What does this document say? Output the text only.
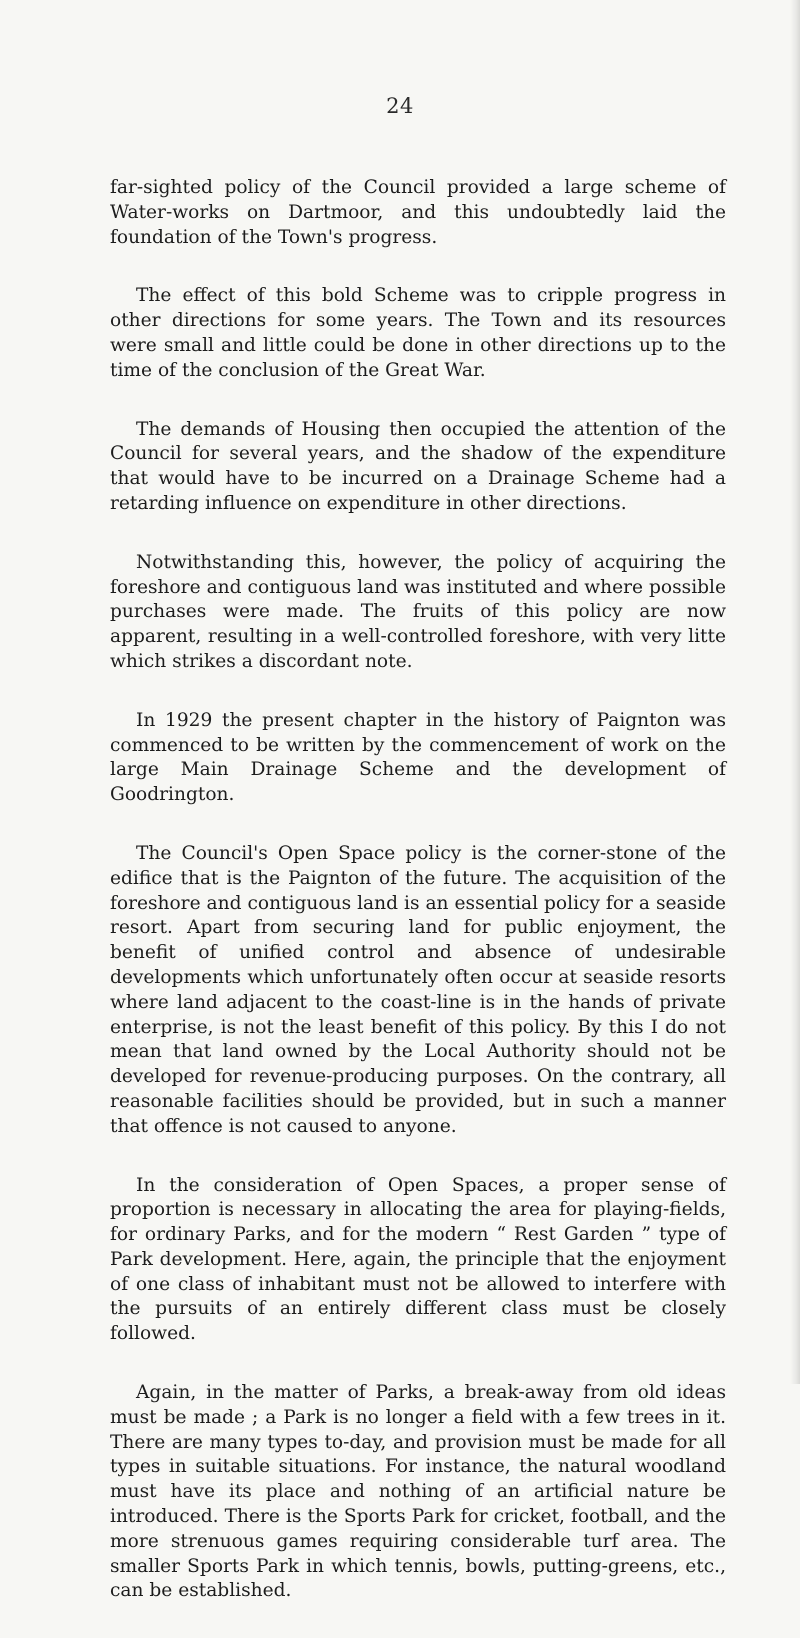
24

far-sighted policy of the Council provided a large scheme of Water-works on Dartmoor, and this undoubtedly laid the foundation of the Town's progress.

The effect of this bold Scheme was to cripple progress in other directions for some years. The Town and its resources were small and little could be done in other directions up to the time of the conclusion of the Great War.

The demands of Housing then occupied the attention of the Council for several years, and the shadow of the expenditure that would have to be incurred on a Drainage Scheme had a retarding influence on expenditure in other directions.

Notwithstanding this, however, the policy of acquiring the foreshore and contiguous land was instituted and where possible purchases were made. The fruits of this policy are now apparent, resulting in a well-controlled foreshore, with very litte which strikes a discordant note.

In 1929 the present chapter in the history of Paignton was commenced to be written by the commencement of work on the large Main Drainage Scheme and the development of Goodrington.

The Council's Open Space policy is the corner-stone of the edifice that is the Paignton of the future. The acquisition of the foreshore and contiguous land is an essential policy for a seaside resort. Apart from securing land for public enjoyment, the benefit of unified control and absence of undesirable developments which unfortunately often occur at seaside resorts where land adjacent to the coast-line is in the hands of private enterprise, is not the least benefit of this policy. By this I do not mean that land owned by the Local Authority should not be developed for revenue-producing purposes. On the contrary, all reasonable facilities should be provided, but in such a manner that offence is not caused to anyone.

In the consideration of Open Spaces, a proper sense of proportion is necessary in allocating the area for playing-fields, for ordinary Parks, and for the modern “ Rest Garden ” type of Park development. Here, again, the principle that the enjoyment of one class of inhabitant must not be allowed to interfere with the pursuits of an entirely different class must be closely followed.

Again, in the matter of Parks, a break-away from old ideas must be made ; a Park is no longer a field with a few trees in it. There are many types to-day, and provision must be made for all types in suitable situations. For instance, the natural woodland must have its place and nothing of an artificial nature be introduced. There is the Sports Park for cricket, football, and the more strenuous games requiring considerable turf area. The smaller Sports Park in which tennis, bowls, putting-greens, etc., can be established.
